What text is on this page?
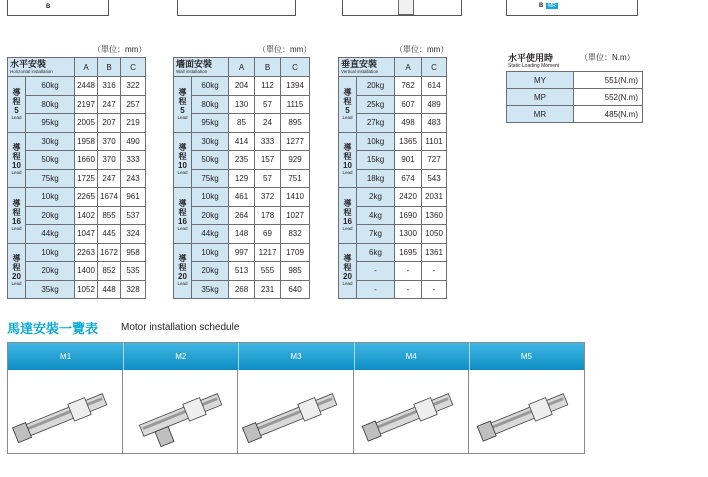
B	B MR
（單位：mm）	（單位：mm）	（單位：mm）
水平安裝
Horizontal installation		A	B	C

導
程
5
Lead	60kg	2448	316	322
	80kg	2197	247	257
	95kg	2005	207	219

導
程
10
Lead	30kg	1958	370	490
	50kg	1660	370	333
	75kg	1725	247	243

導
程
16
Lead	10kg	2265	1674	961
	20kg	1402	855	537
	44kg	1047	445	324

導
程
20
Lead	10kg	2263	1672	958
	20kg	1400	852	535
	35kg	1052	448	328
墻面安裝
Wall installation		A	B	C

導
程
5
Lead	60kg	204	112	1394
	80kg	130	57	1115
	95kg	85	24	895

導
程
10
Lead	30kg	414	333	1277
	50kg	235	157	929
	75kg	129	57	751

導
程
16
Lead	10kg	461	372	1410
	20kg	264	178	1027
	44kg	148	69	832

導
程
20
Lead	10kg	997	1217	1709
	20kg	513	555	985
	35kg	268	231	640
垂直安裝
Vertical installation		A	C

導
程
5
Lead	20kg	762	614
	25kg	607	489
	27kg	498	483

導
程
10
Lead	10kg	1365	1101
	15kg	901	727
	18kg	674	543

導
程
16
Lead	2kg	2420	2031
	4kg	1690	1360
	7kg	1300	1050

導
程
20
Lead	6kg	1695	1361
	-	-	-
	-	-	-
水平使用時	（單位：N.m）
Static Loading Moment
MY	551(N.m)
MP	552(N.m)
MR	485(N.m)
馬達安裝一覽表 Motor installation schedule
M1	M2	M3	M4	M5
